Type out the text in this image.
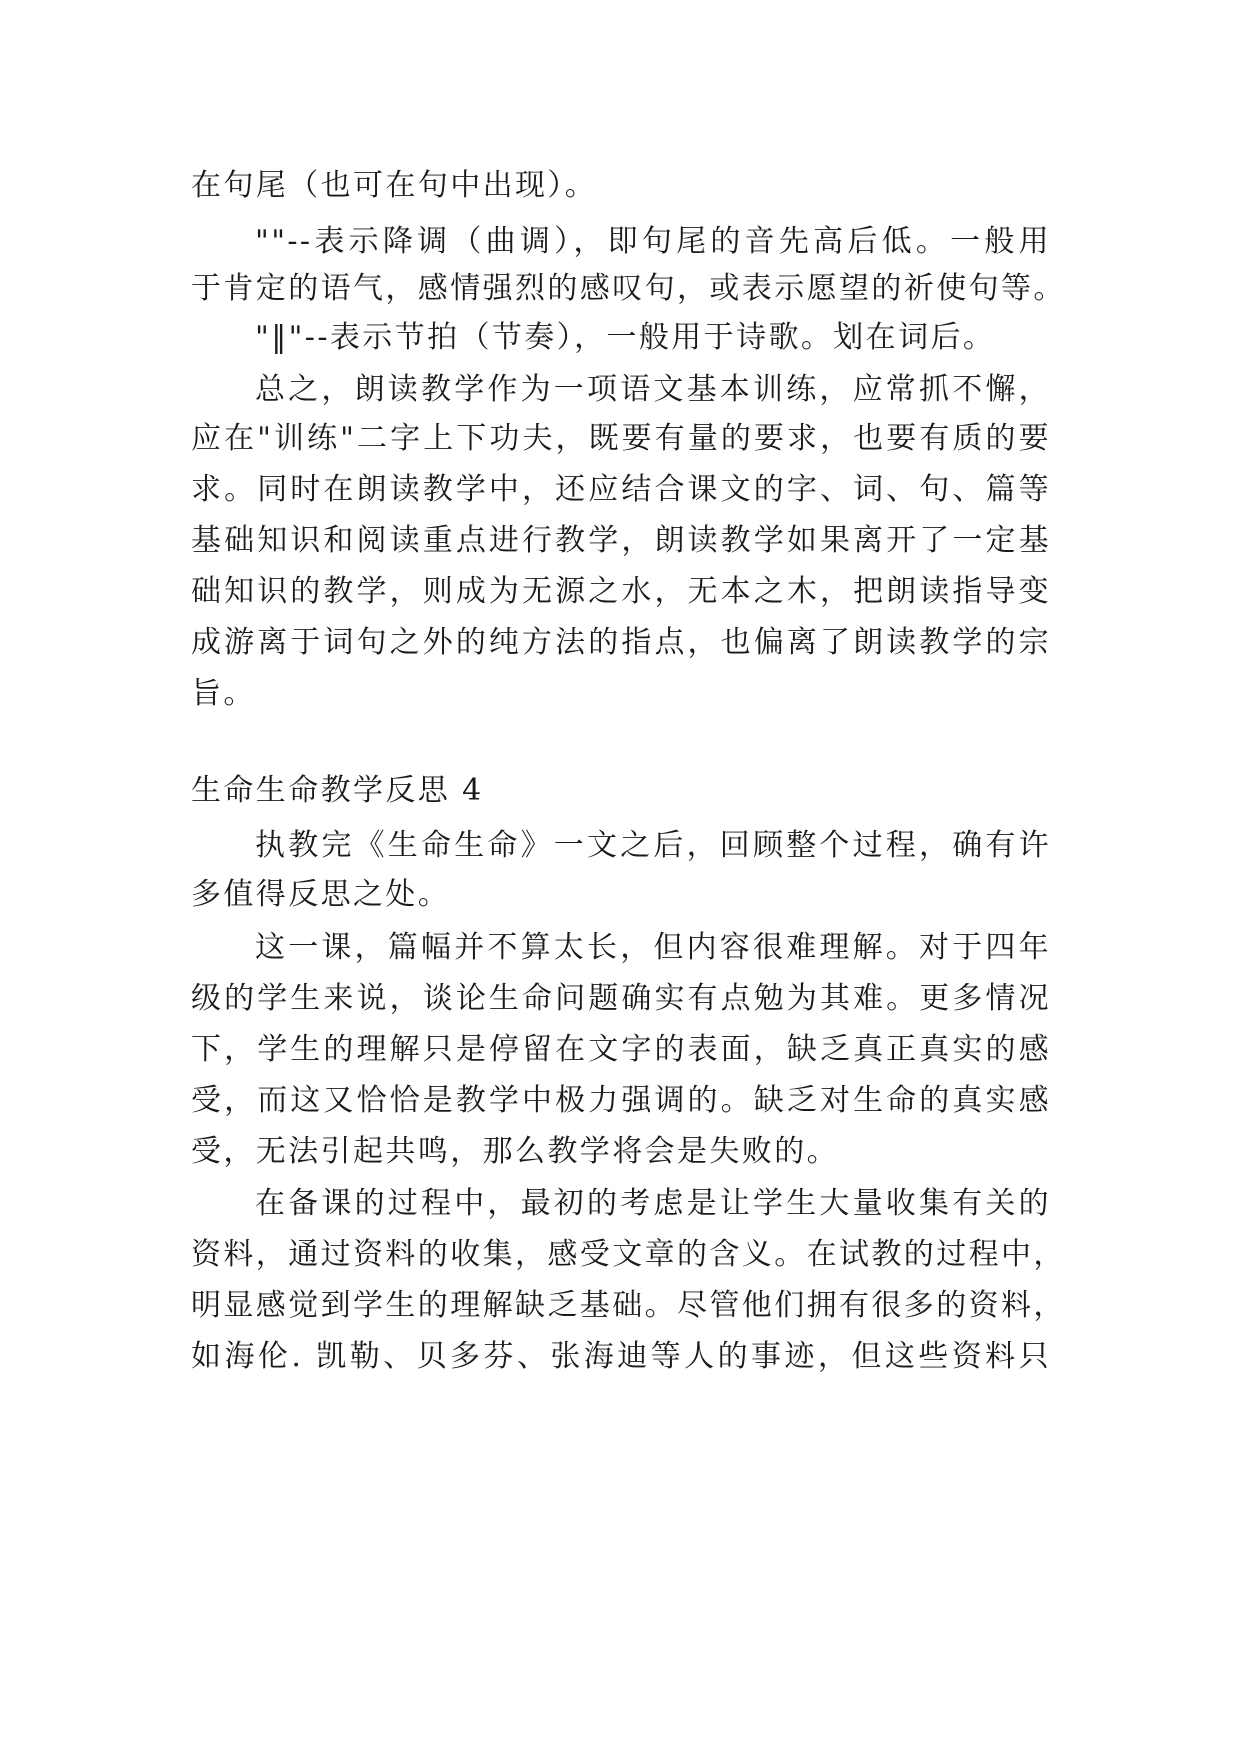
在句尾（也可在句中出现）。
""--表示降调（曲调），即句尾的音先高后低。一般用
于肯定的语气，感情强烈的感叹句，或表示愿望的祈使句等。
"‖"--表示节拍（节奏），一般用于诗歌。划在词后。
总之，朗读教学作为一项语文基本训练，应常抓不懈，
应在"训练"二字上下功夫，既要有量的要求，也要有质的要
求。同时在朗读教学中，还应结合课文的字、词、句、篇等
基础知识和阅读重点进行教学，朗读教学如果离开了一定基
础知识的教学，则成为无源之水，无本之木，把朗读指导变
成游离于词句之外的纯方法的指点，也偏离了朗读教学的宗
旨。
生命生命教学反思 4
执教完《生命生命》一文之后，回顾整个过程，确有许
多值得反思之处。
这一课，篇幅并不算太长，但内容很难理解。对于四年
级的学生来说，谈论生命问题确实有点勉为其难。更多情况
下，学生的理解只是停留在文字的表面，缺乏真正真实的感
受，而这又恰恰是教学中极力强调的。缺乏对生命的真实感
受，无法引起共鸣，那么教学将会是失败的。
在备课的过程中，最初的考虑是让学生大量收集有关的
资料，通过资料的收集，感受文章的含义。在试教的过程中，
明显感觉到学生的理解缺乏基础。尽管他们拥有很多的资料，
如海伦. 凯勒、贝多芬、张海迪等人的事迹，但这些资料只
